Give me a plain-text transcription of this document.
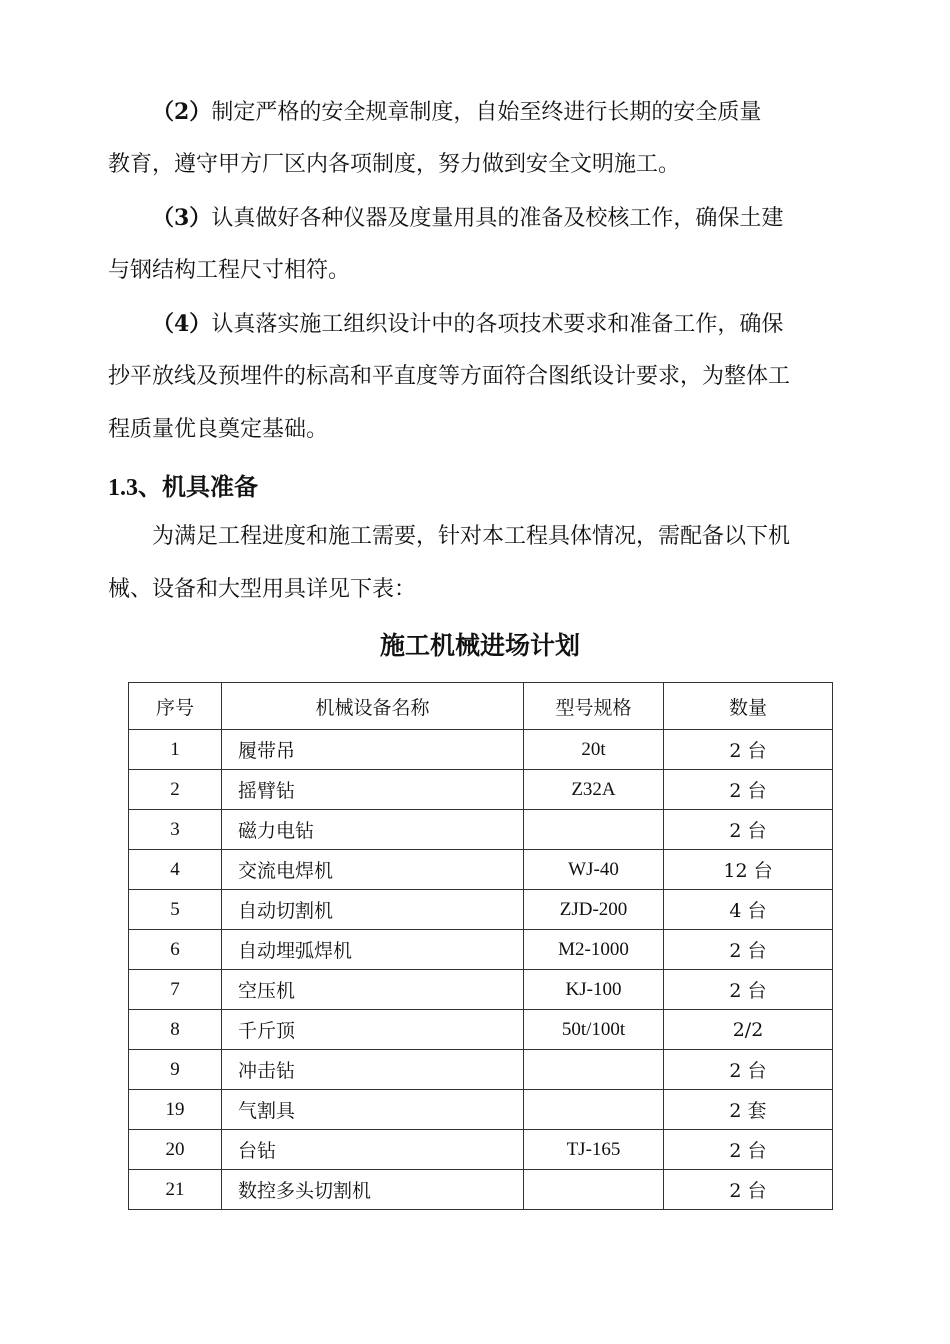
（2）制定严格的安全规章制度，自始至终进行长期的安全质量

教育，遵守甲方厂区内各项制度，努力做到安全文明施工。

（3）认真做好各种仪器及度量用具的准备及校核工作，确保土建

与钢结构工程尺寸相符。

（4）认真落实施工组织设计中的各项技术要求和准备工作，确保

抄平放线及预埋件的标高和平直度等方面符合图纸设计要求，为整体工

程质量优良奠定基础。

1.3、机具准备

为满足工程进度和施工需要，针对本工程具体情况，需配备以下机

械、设备和大型用具详见下表：

施工机械进场计划
序号	机械设备名称	型号规格	数量
1	履带吊	20t	2 台
2	摇臂钻	Z32A	2 台
3	磁力电钻		2 台
4	交流电焊机	WJ-40	12 台
5	自动切割机	ZJD-200	4 台
6	自动埋弧焊机	M2-1000	2 台
7	空压机	KJ-100	2 台
8	千斤顶	50t/100t	2/2
9	冲击钻		2 台
19	气割具		2 套
20	台钻	TJ-165	2 台
21	数控多头切割机		2 台
